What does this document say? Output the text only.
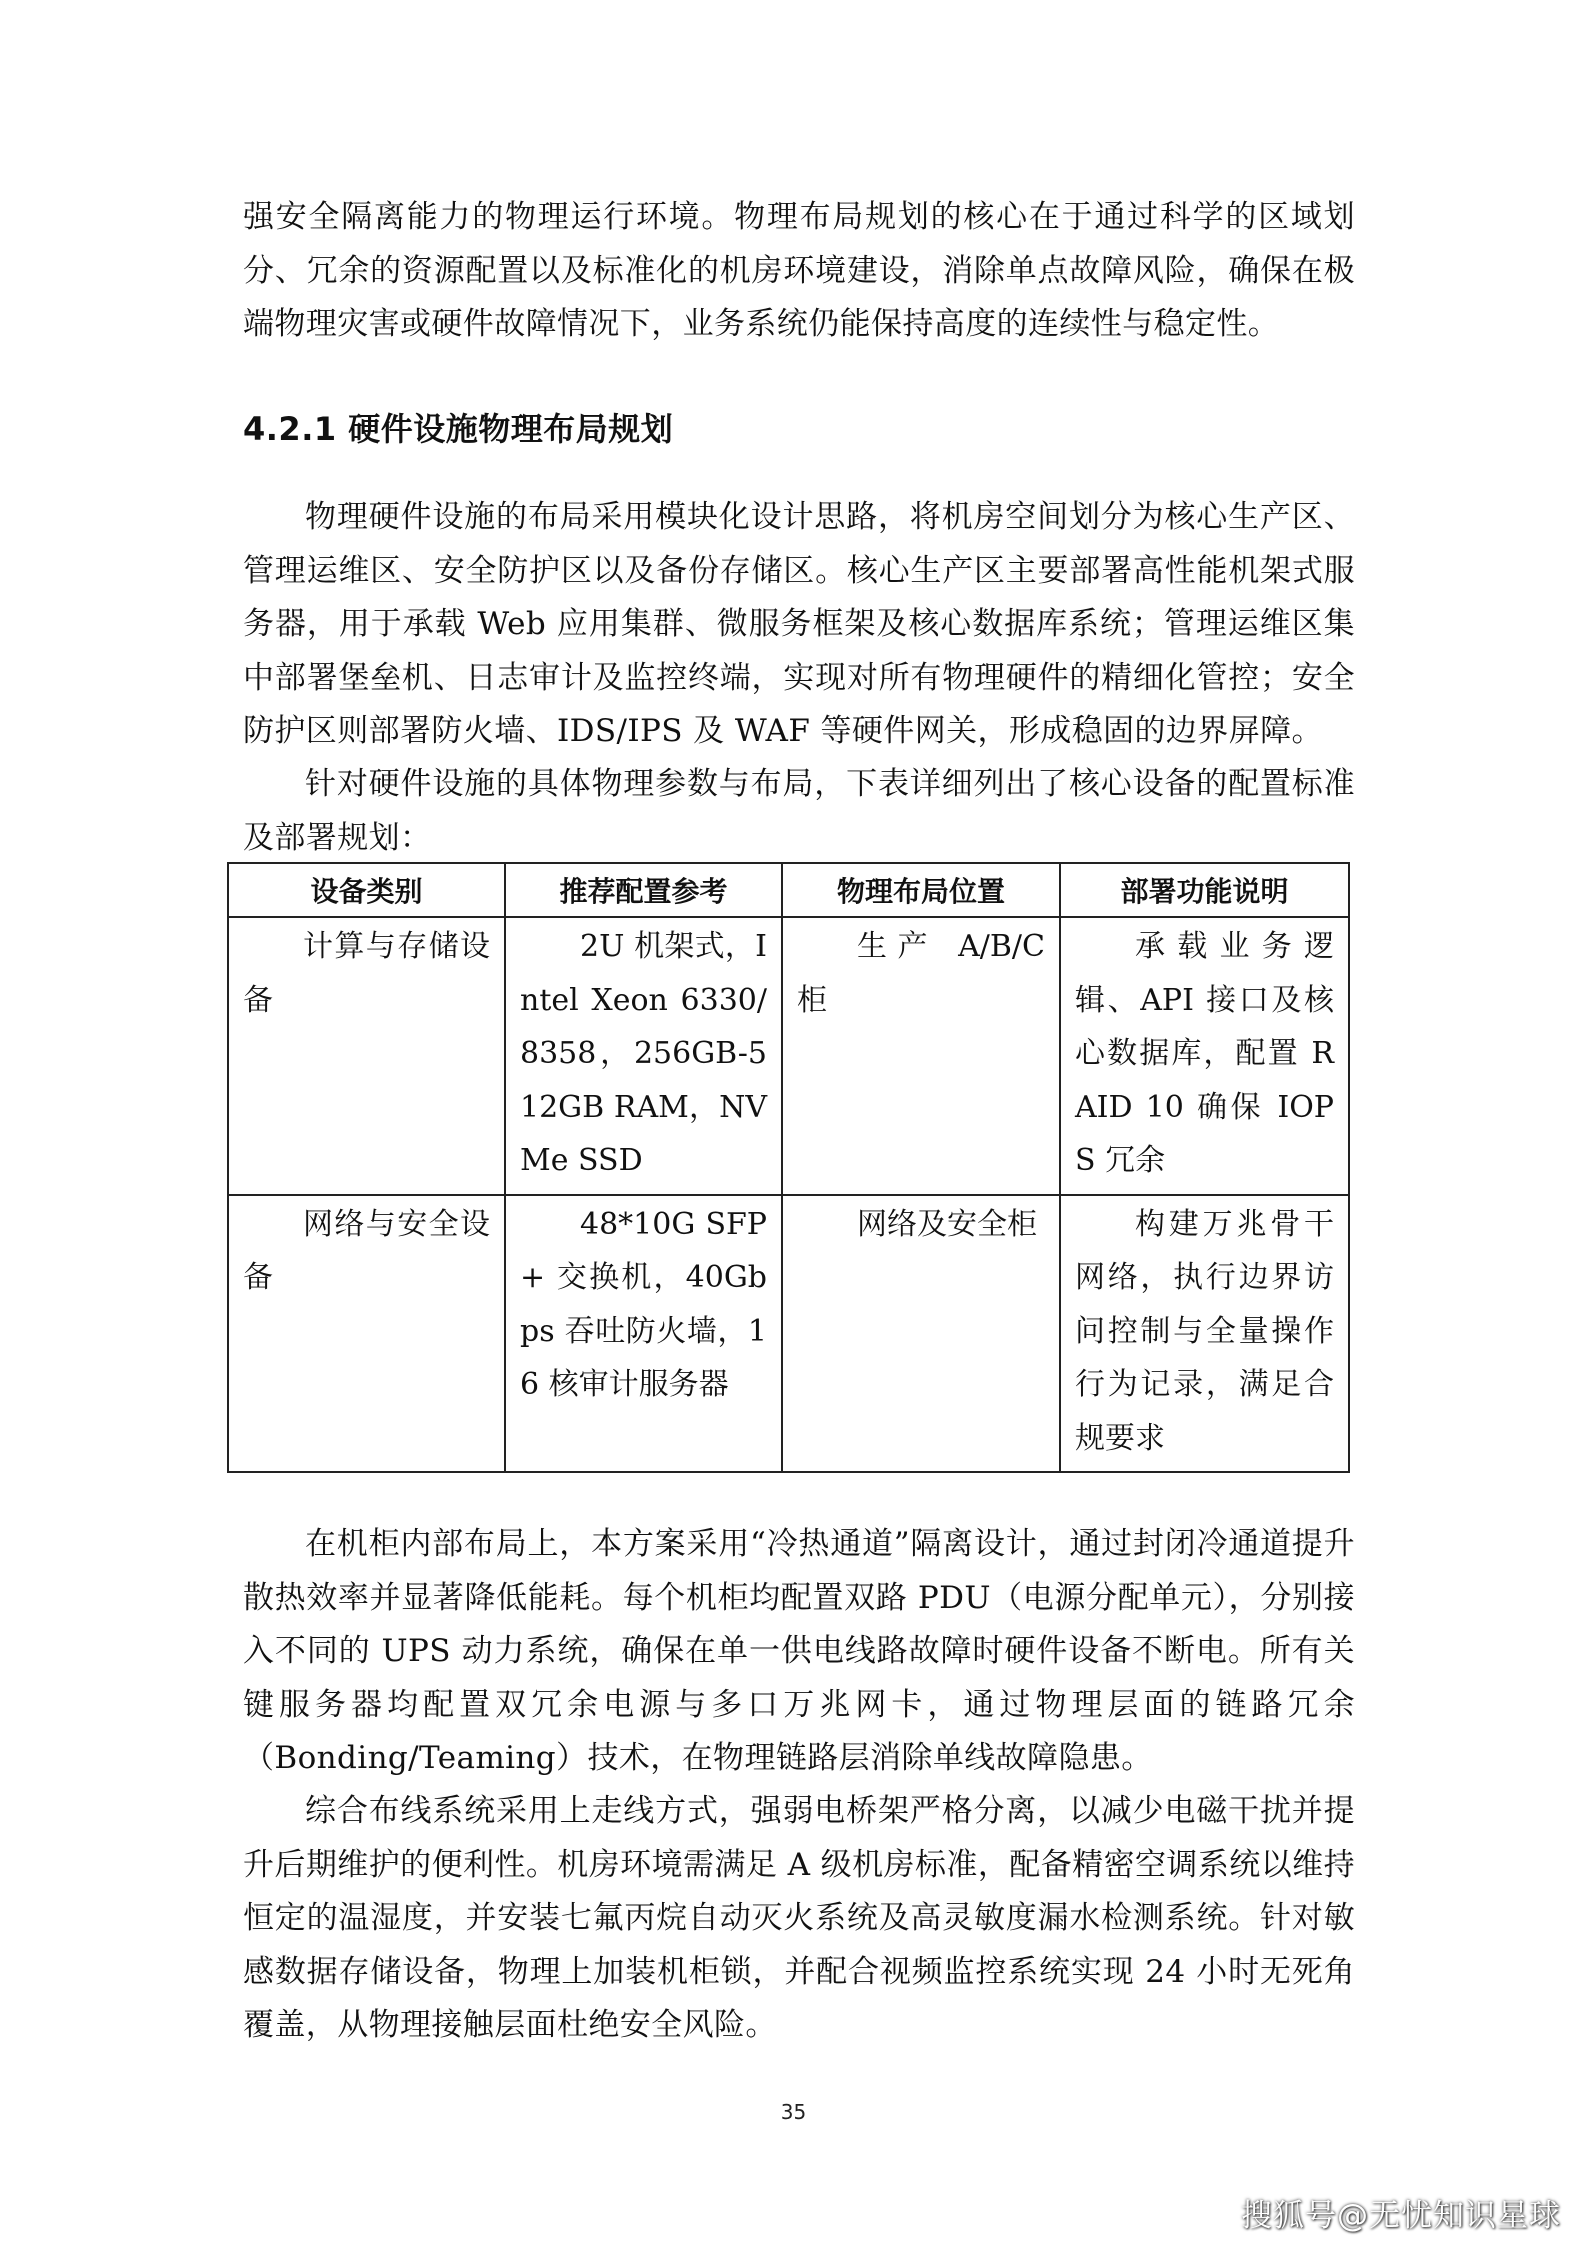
强安全隔离能力的物理运行环境。物理布局规划的核心在于通过科学的区域划分、冗余的资源配置以及标准化的机房环境建设，消除单点故障风险，确保在极端物理灾害或硬件故障情况下，业务系统仍能保持高度的连续性与稳定性。

4.2.1 硬件设施物理布局规划

物理硬件设施的布局采用模块化设计思路，将机房空间划分为核心生产区、管理运维区、安全防护区以及备份存储区。核心生产区主要部署高性能机架式服务器，用于承载 Web 应用集群、微服务框架及核心数据库系统；管理运维区集中部署堡垒机、日志审计及监控终端，实现对所有物理硬件的精细化管控；安全防护区则部署防火墙、IDS/IPS 及 WAF 等硬件网关，形成稳固的边界屏障。

针对硬件设施的具体物理参数与布局，下表详细列出了核心设备的配置标准及部署规划：

设备类别	推荐配置参考	物理布局位置	部署功能说明
计算与存储设备	2U 机架式，Intel Xeon 6330/8358，256GB-512GB RAM，NVMe SSD	生产 A/B/C 柜	承载业务逻辑、API 接口及核心数据库，配置 RAID 10 确保 IOPS 冗余
网络与安全设备	48*10G SFP+ 交换机，40Gbps 吞吐防火墙，16 核审计服务器	网络及安全柜	构建万兆骨干网络，执行边界访问控制与全量操作行为记录，满足合规要求

在机柜内部布局上，本方案采用“冷热通道”隔离设计，通过封闭冷通道提升散热效率并显著降低能耗。每个机柜均配置双路 PDU（电源分配单元），分别接入不同的 UPS 动力系统，确保在单一供电线路故障时硬件设备不断电。所有关键服务器均配置双冗余电源与多口万兆网卡，通过物理层面的链路冗余（Bonding/Teaming）技术，在物理链路层消除单线故障隐患。

综合布线系统采用上走线方式，强弱电桥架严格分离，以减少电磁干扰并提升后期维护的便利性。机房环境需满足 A 级机房标准，配备精密空调系统以维持恒定的温湿度，并安装七氟丙烷自动灭火系统及高灵敏度漏水检测系统。针对敏感数据存储设备，物理上加装机柜锁，并配合视频监控系统实现 24 小时无死角覆盖，从物理接触层面杜绝安全风险。

35
搜狐号@无忧知识星球
